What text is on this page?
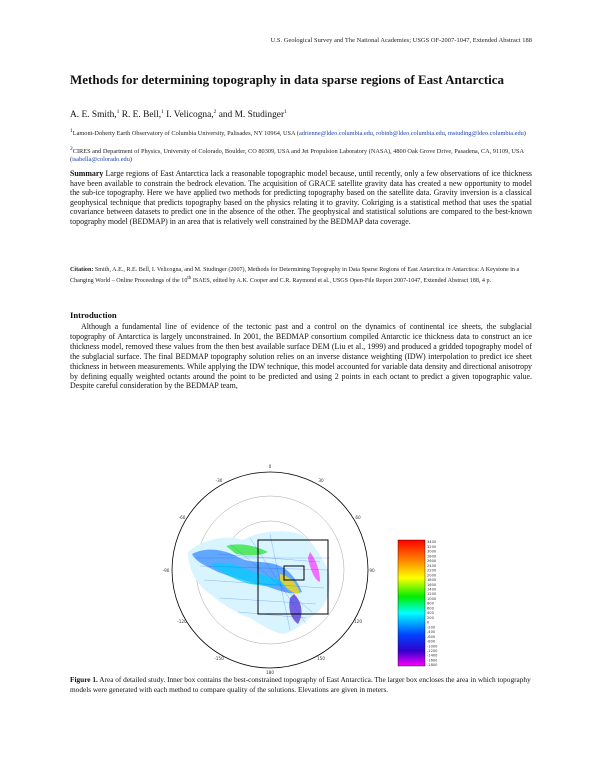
U.S. Geological Survey and The National Academies; USGS OF-2007-1047, Extended Abstract 188
Methods for determining topography in data sparse regions of East Antarctica
A. E. Smith,$^1$ R. E. Bell,$^1$ I. Velicogna,$^2$ and M. Studinger$^1$
$^1$Lamont-Doherty Earth Observatory of Columbia University, Palisades, NY 10964, USA (adrienne@ldeo.columbia.edu, robinb@ldeo.columbia.edu, mstuding@ldeo.columbia.edu)
$^2$CIRES and Department of Physics, University of Colorado, Boulder, CO 80309, USA and Jet Propulsion Laboratory (NASA), 4800 Oak Grove Drive, Pasadena, CA, 91109, USA (isabella@colorado.edu)

Summary Large regions of East Antarctica lack a reasonable topographic model because, until recently, only a few observations of ice thickness have been available to constrain the bedrock elevation. The acquisition of GRACE satellite gravity data has created a new opportunity to model the sub-ice topography. Here we have applied two methods for predicting topography based on the satellite data. Gravity inversion is a classical geophysical technique that predicts topography based on the physics relating it to gravity. Cokriging is a statistical method that uses the spatial covariance between datasets to predict one in the absence of the other. The geophysical and statistical solutions are compared to the best-known topography model (BEDMAP) in an area that is relatively well constrained by the BEDMAP data coverage.

Citation: Smith, A.E., R.E. Bell, I. Velicogna, and M. Studinger (2007), Methods for Determining Topography in Data Sparse Regions of East Antarctica in Antarctica: A Keystone in a Changing World – Online Proceedings of the 10th ISAES, edited by A.K. Cooper and C.R. Raymond et al., USGS Open-File Report 2007-1047, Extended Abstract 188, 4 p.

Introduction

Although a fundamental line of evidence of the tectonic past and a control on the dynamics of continental ice sheets, the subglacial topography of Antarctica is largely unconstrained. In 2001, the BEDMAP consortium compiled Antarctic ice thickness data to construct an ice thickness model, removed these values from the then best available surface DEM (Liu et al., 1999) and produced a gridded topography model of the subglacial surface. The final BEDMAP topography solution relies on an inverse distance weighting (IDW) interpolation to predict ice sheet thickness in between measurements. While applying the IDW technique, this model accounted for variable data density and directional anisotropy by defining equally weighted octants around the point to be predicted and using 2 points in each octant to predict a given topographic value. Despite careful consideration by the BEDMAP team,

0
30
60
90
120
150
180
-150
-120
-90
-60
-30
3400
3200
3000
2800
2600
2400
2200
2000
1800
1600
1400
1200
1000
800
600
400
200
0
-200
-400
-600
-800
-1000
-1200
-1400
-1600
-1800

Figure 1. Area of detailed study. Inner box contains the best-constrained topography of East Antarctica. The larger box encloses the area in which topography models were generated with each method to compare quality of the solutions. Elevations are given in meters.
